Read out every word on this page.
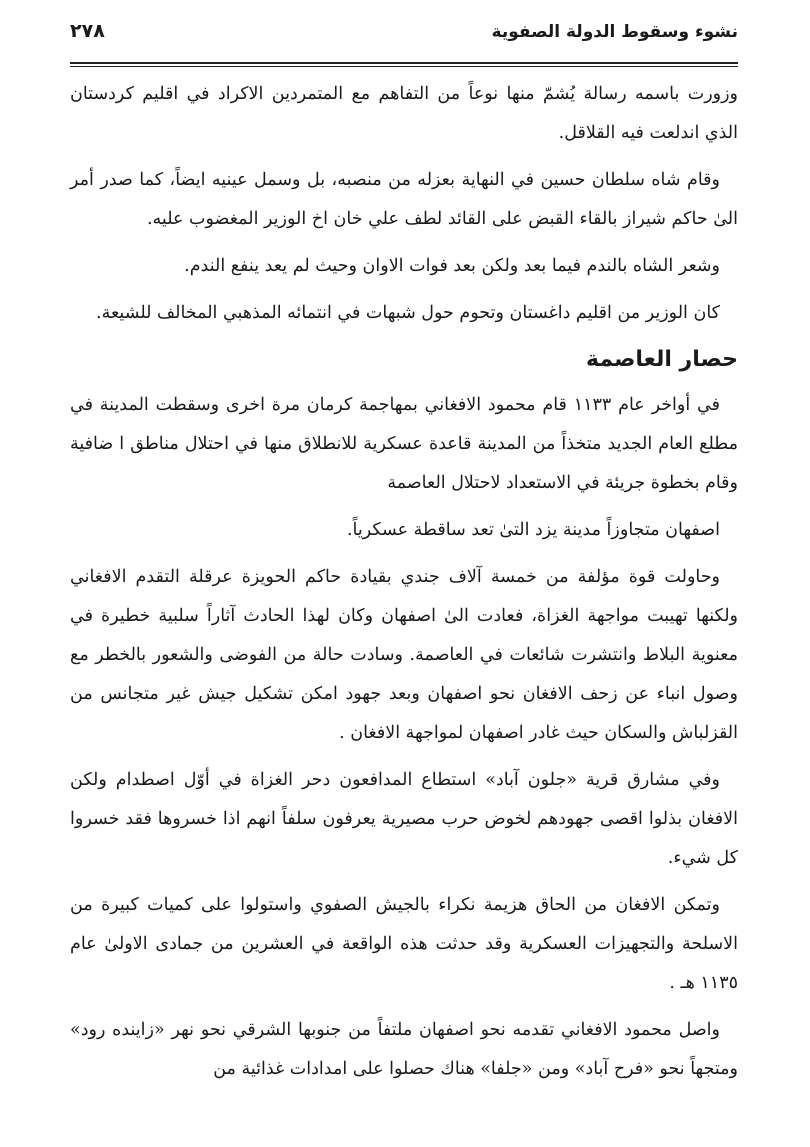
نشوء وسقوط الدولة الصفوية
٢٧٨

وزورت باسمه رسالة يُشمّ منها نوعاً من التفاهم مع المتمردين الاكراد في اقليم كردستان الذي اندلعت فيه القلاقل.

وقام شاه سلطان حسين في النهاية بعزله من منصبه، بل وسمل عينيه ايضاً، كما صدر أمر الىٰ حاكم شيراز بالقاء القبض على القائد لطف علي خان اخ الوزير المغضوب عليه.

وشعر الشاه بالندم فيما بعد ولكن بعد فوات الاوان وحيث لم يعد ينفع الندم.

كان الوزير من اقليم داغستان وتحوم حول شبهات في انتمائه المذهبي المخالف للشيعة.

حصار العاصمة

في أواخر عام ١١٣٣ قام محمود الافغاني بمهاجمة كرمان مرة اخرى وسقطت المدينة في مطلع العام الجديد متخذاً من المدينة قاعدة عسكرية للانطلاق منها في احتلال مناطق ا ضافية وقام بخطوة جريئة في الاستعداد لاحتلال العاصمة

اصفهان متجاوزاً مدينة يزد التىٰ تعد ساقطة عسكرياً.

وحاولت قوة مؤلفة من خمسة آلاف جندي بقيادة حاكم الحويزة عرقلة التقدم الافغاني ولكنها تهيبت مواجهة الغزاة، فعادت الىٰ اصفهان وكان لهذا الحادث آثاراً سلبية خطيرة في معنوية البلاط وانتشرت شائعات في العاصمة. وسادت حالة من الفوضى والشعور بالخطر مع وصول انباء عن زحف الافغان نحو اصفهان وبعد جهود امكن تشكيل جيش غير متجانس من القزلباش والسكان حيث غادر اصفهان لمواجهة الافغان .

وفي مشارق قرية «جلون آباد» استطاع المدافعون دحر الغزاة في أوّل اصطدام ولكن الافغان بذلوا اقصى جهودهم لخوض حرب مصيرية يعرفون سلفاً انهم اذا خسروها فقد خسروا كل شيء.

وتمكن الافغان من الحاق هزيمة نكراء بالجيش الصفوي واستولوا على كميات كبيرة من الاسلحة والتجهيزات العسكرية وقد حدثت هذه الواقعة في العشرين من جمادى الاولىٰ عام ١١٣٥ هـ .

واصل محمود الافغاني تقدمه نحو اصفهان ملتفاً من جنوبها الشرقي نحو نهر «زاينده رود» ومتجهاً نحو «فرح آباد» ومن «جلفا» هناك حصلوا على امدادات غذائية من
